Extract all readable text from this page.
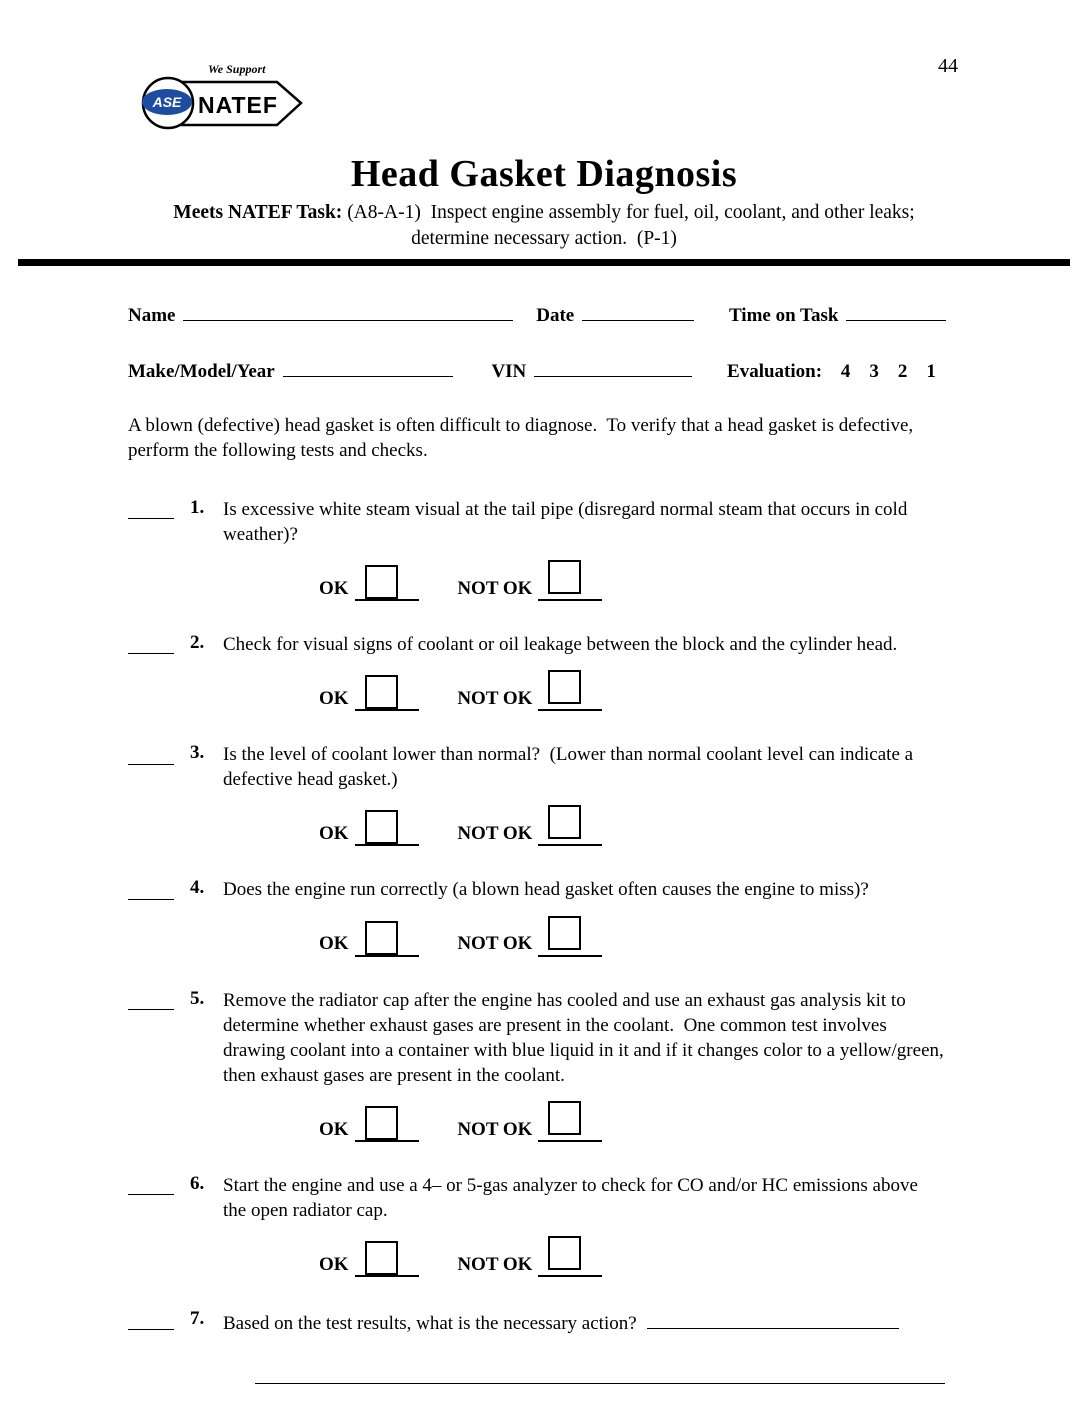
44
We Support
ASE NATEF
Head Gasket Diagnosis
Meets NATEF Task: (A8-A-1)  Inspect engine assembly for fuel, oil, coolant, and other leaks;
determine necessary action.  (P-1)
Name	Date	Time on Task
Make/Model/Year	VIN	Evaluation: 4    3    2    1

A blown (defective) head gasket is often difficult to diagnose.  To verify that a head gasket is defective, perform the following tests and checks.

1. Is excessive white steam visual at the tail pipe (disregard normal steam that occurs in cold weather)?
OK	NOT OK
2. Check for visual signs of coolant or oil leakage between the block and the cylinder head.
OK	NOT OK
3. Is the level of coolant lower than normal?  (Lower than normal coolant level can indicate a defective head gasket.)
OK	NOT OK
4. Does the engine run correctly (a blown head gasket often causes the engine to miss)?
OK	NOT OK
5. Remove the radiator cap after the engine has cooled and use an exhaust gas analysis kit to determine whether exhaust gases are present in the coolant.  One common test involves drawing coolant into a container with blue liquid in it and if it changes color to a yellow/green, then exhaust gases are present in the coolant.
OK	NOT OK
6. Start the engine and use a 4– or 5-gas analyzer to check for CO and/or HC emissions above the open radiator cap.
OK	NOT OK
7. Based on the test results, what is the necessary action?
